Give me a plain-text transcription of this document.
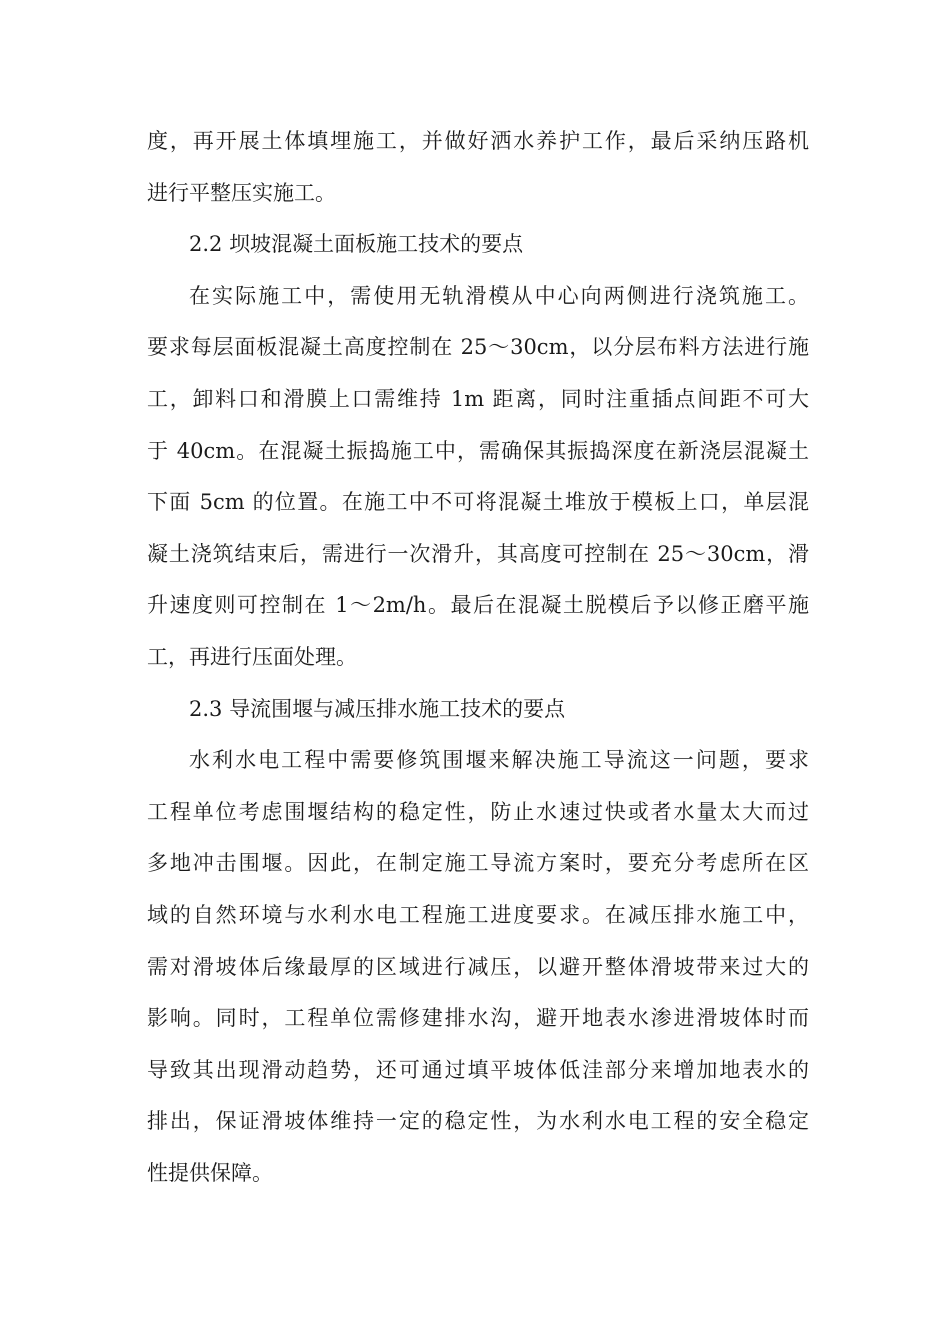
度，再开展土体填埋施工，并做好洒水养护工作，最后采纳压路机
进行平整压实施工。
2.2 坝坡混凝土面板施工技术的要点
在实际施工中，需使用无轨滑模从中心向两侧进行浇筑施工。
要求每层面板混凝土高度控制在 25～30cm，以分层布料方法进行施
工，卸料口和滑膜上口需维持 1m 距离，同时注重插点间距不可大
于 40cm。在混凝土振捣施工中，需确保其振捣深度在新浇层混凝土
下面 5cm 的位置。在施工中不可将混凝土堆放于模板上口，单层混
凝土浇筑结束后，需进行一次滑升，其高度可控制在 25～30cm，滑
升速度则可控制在 1～2m/h。最后在混凝土脱模后予以修正磨平施
工，再进行压面处理。
2.3 导流围堰与减压排水施工技术的要点
水利水电工程中需要修筑围堰来解决施工导流这一问题，要求
工程单位考虑围堰结构的稳定性，防止水速过快或者水量太大而过
多地冲击围堰。因此，在制定施工导流方案时，要充分考虑所在区
域的自然环境与水利水电工程施工进度要求。在减压排水施工中，
需对滑坡体后缘最厚的区域进行减压，以避开整体滑坡带来过大的
影响。同时，工程单位需修建排水沟，避开地表水渗进滑坡体时而
导致其出现滑动趋势，还可通过填平坡体低洼部分来增加地表水的
排出，保证滑坡体维持一定的稳定性，为水利水电工程的安全稳定
性提供保障。
